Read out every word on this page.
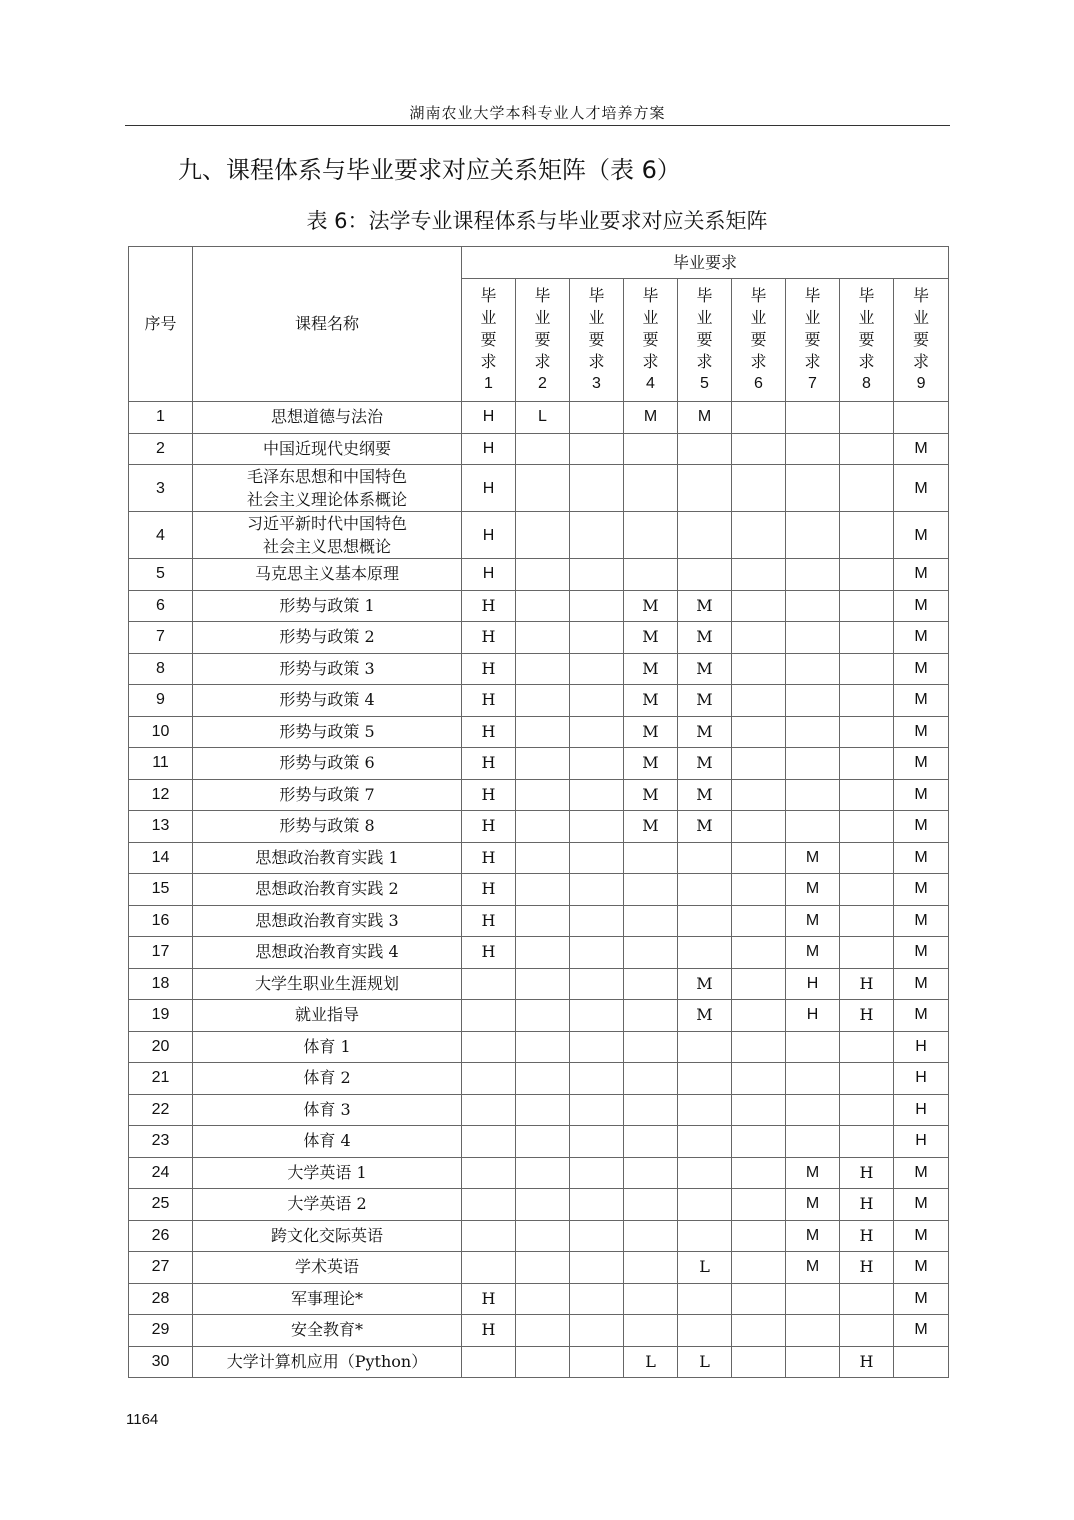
湖南农业大学本科专业人才培养方案
九、课程体系与毕业要求对应关系矩阵（表 6）
表 6：法学专业课程体系与毕业要求对应关系矩阵
序号	课程名称	毕业要求								

		毕
业
要
求
1	毕
业
要
求
2	毕
业
要
求
3	毕
业
要
求
4	毕
业
要
求
5	毕
业
要
求
6	毕
业
要
求
7	毕
业
要
求
8	毕
业
要
求
9

1	思想道德与法治	H	L		M	M				
2	中国近现代史纲要	H								M
3	毛泽东思想和中国特色
社会主义理论体系概论	H								M
4	习近平新时代中国特色
社会主义思想概论	H								M
5	马克思主义基本原理	H								M
6	形势与政策 1	H			M	M				M
7	形势与政策 2	H			M	M				M
8	形势与政策 3	H			M	M				M
9	形势与政策 4	H			M	M				M
10	形势与政策 5	H			M	M				M
11	形势与政策 6	H			M	M				M
12	形势与政策 7	H			M	M				M
13	形势与政策 8	H			M	M				M
14	思想政治教育实践 1	H						M		M
15	思想政治教育实践 2	H						M		M
16	思想政治教育实践 3	H						M		M
17	思想政治教育实践 4	H						M		M
18	大学生职业生涯规划					M		H	H	M
19	就业指导					M		H	H	M
20	体育 1									H
21	体育 2									H
22	体育 3									H
23	体育 4									H
24	大学英语 1							M	H	M
25	大学英语 2							M	H	M
26	跨文化交际英语							M	H	M
27	学术英语					L		M	H	M
28	军事理论*	H								M
29	安全教育*	H								M
30	大学计算机应用（Python）				L	L			H	
1164
